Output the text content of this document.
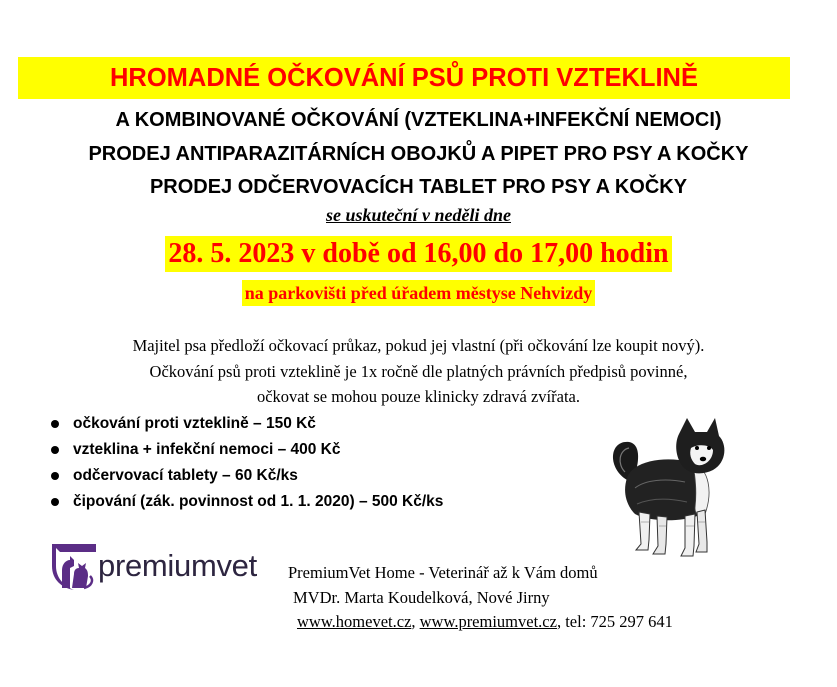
HROMADNÉ OČKOVÁNÍ PSŮ PROTI VZTEKLINĚ
A KOMBINOVANÉ OČKOVÁNÍ (VZTEKLINA+INFEKČNÍ NEMOCI)
PRODEJ ANTIPARAZITÁRNÍCH OBOJKŮ A PIPET PRO PSY A KOČKY
PRODEJ ODČERVOVACÍCH TABLET PRO PSY A KOČKY
se uskuteční v neděli dne
28. 5. 2023 v době od 16,00 do 17,00 hodin
na parkovišti před úřadem městyse Nehvizdy
Majitel psa předloží očkovací průkaz, pokud jej vlastní (při očkování lze koupit nový).
Očkování psů proti vzteklině je 1x ročně dle platných právních předpisů povinné,
očkovat se mohou pouze klinicky zdravá zvířata.
očkování proti vzteklině – 150 Kč
vzteklina + infekční nemoci – 400 Kč
odčervovací tablety – 60 Kč/ks
čipování (zák. povinnost od 1. 1. 2020) – 500 Kč/ks
premiumvet PremiumVet Home - Veterinář až k Vám domů
MVDr. Marta Koudelková, Nové Jirny
www.homevet.cz, www.premiumvet.cz, tel: 725 297 641
